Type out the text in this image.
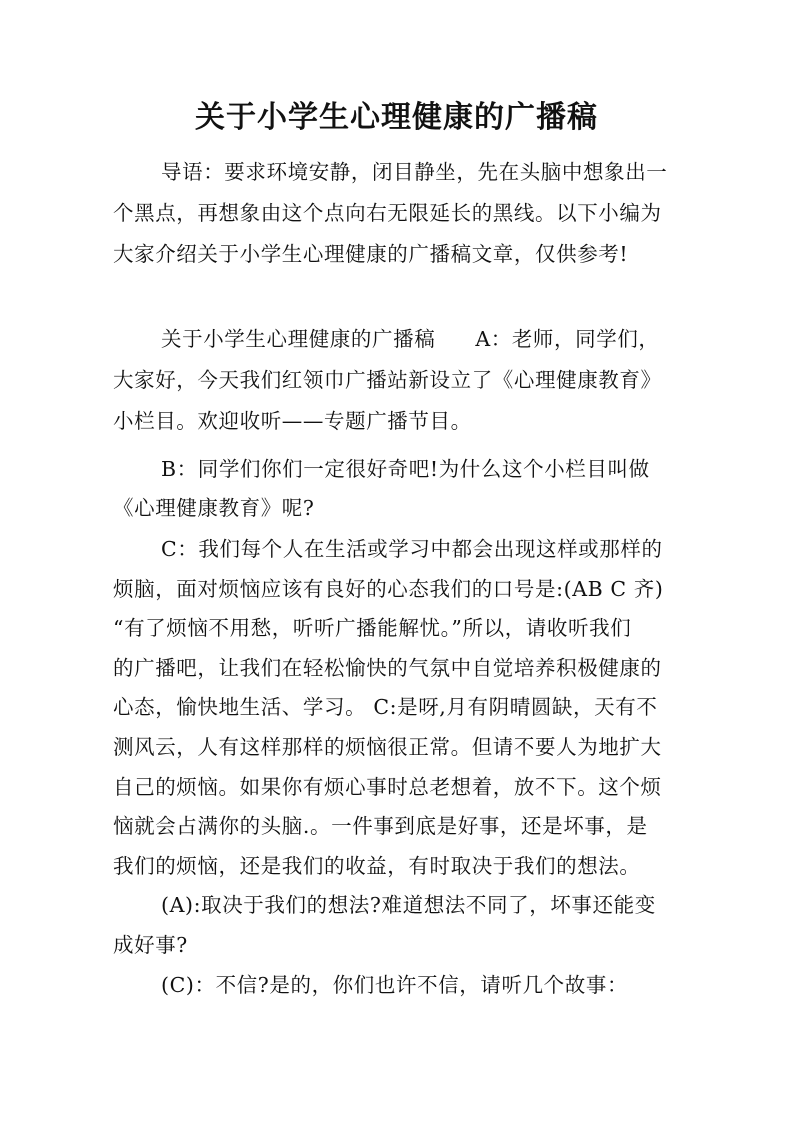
关于小学生心理健康的广播稿
导语：要求环境安静，闭目静坐，先在头脑中想象出一
个黑点，再想象由这个点向右无限延长的黑线。以下小编为
大家介绍关于小学生心理健康的广播稿文章，仅供参考!
关于小学生心理健康的广播稿 A：老师，同学们，
大家好，今天我们红领巾广播站新设立了《心理健康教育》
小栏目。欢迎收听——专题广播节目。
B：同学们你们一定很好奇吧!为什么这个小栏目叫做
《心理健康教育》呢?
C：我们每个人在生活或学习中都会出现这样或那样的
烦脑，面对烦恼应该有良好的心态我们的口号是:(AB C 齐)
“有了烦恼不用愁，听听广播能解忧。”所以，请收听我们
的广播吧，让我们在轻松愉快的气氛中自觉培养积极健康的
心态，愉快地生活、学习。 C:是呀,月有阴晴圆缺，天有不
测风云，人有这样那样的烦恼很正常。但请不要人为地扩大
自己的烦恼。如果你有烦心事时总老想着，放不下。这个烦
恼就会占满你的头脑.。一件事到底是好事，还是坏事，是
我们的烦恼，还是我们的收益，有时取决于我们的想法。
(A):取决于我们的想法?难道想法不同了，坏事还能变
成好事?
(C)：不信?是的，你们也许不信，请听几个故事：
